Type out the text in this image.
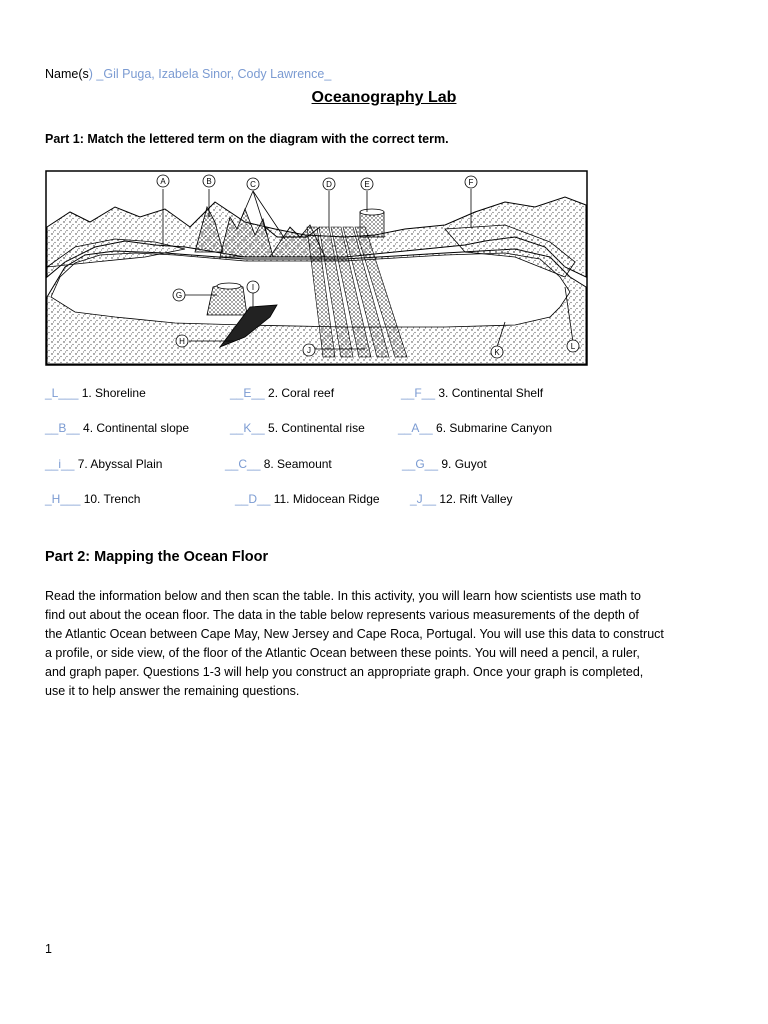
Name(s) _Gil Puga, Izabela Sinor, Cody Lawrence_
Oceanography Lab
Part 1: Match the lettered term on the diagram with the correct term.
A	B	C	D	E	F
G
I
H
J	K
L
_L___ 1. Shoreline	__E__ 2. Coral reef	__F__ 3. Continental Shelf
__B__ 4. Continental slope	__K__ 5. Continental rise	__A__ 6. Submarine Canyon
__i__ 7. Abyssal Plain	__C__ 8. Seamount	__G__ 9. Guyot
_H___ 10. Trench	__D__ 11. Midocean Ridge	_J__ 12. Rift Valley
Part 2: Mapping the Ocean Floor
Read the information below and then scan the table. In this activity, you will learn how scientists use math to
find out about the ocean floor. The data in the table below represents various measurements of the depth of
the Atlantic Ocean between Cape May, New Jersey and Cape Roca, Portugal. You will use this data to construct
a profile, or side view, of the floor of the Atlantic Ocean between these points. You will need a pencil, a ruler,
and graph paper. Questions 1-3 will help you construct an appropriate graph. Once your graph is completed,
use it to help answer the remaining questions.
1
